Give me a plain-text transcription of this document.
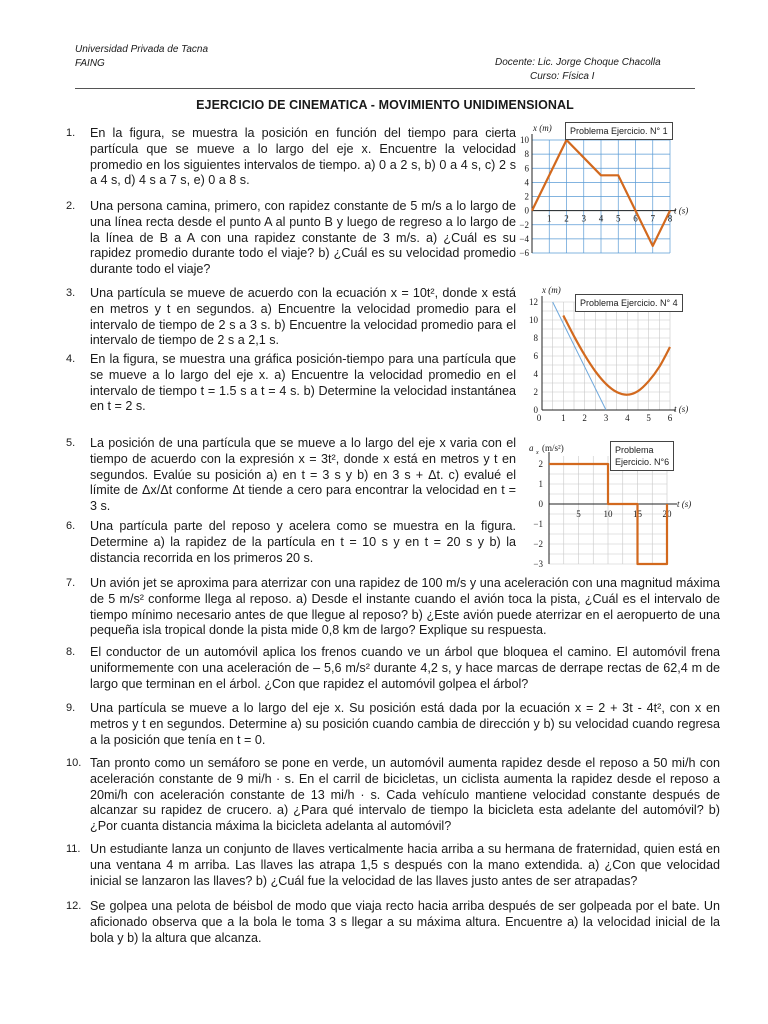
Universidad Privada de Tacna
FAING	Docente: Lic. Jorge Choque Chacolla
Curso: Física I
EJERCICIO DE CINEMATICA - MOVIMIENTO UNIDIMENSIONAL
1.	En la figura, se muestra la posición en función del tiempo para cierta partícula que se mueve a lo largo del eje x. Encuentre la velocidad promedio en los siguientes intervalos de tiempo. a) 0 a 2 s, b) 0 a 4 s, c) 2 s a 4 s, d) 4 s a 7 s, e) 0 a 8 s.
2.	Una persona camina, primero, con rapidez constante de 5 m/s a lo largo de una línea recta desde el punto A al punto B y luego de regreso a lo largo de la línea de B a A con una rapidez constante de 3 m/s. a) ¿Cuál es su rapidez promedio durante todo el viaje? b) ¿Cuál es su velocidad promedio durante todo el viaje?
3.	Una partícula se mueve de acuerdo con la ecuación x = 10t², donde x está en metros y t en segundos. a) Encuentre la velocidad promedio para el intervalo de tiempo de 2 s a 3 s. b) Encuentre la velocidad promedio para el intervalo de tiempo de 2 s a 2,1 s.
4.	En la figura, se muestra una gráfica posición-tiempo para una partícula que se mueve a lo largo del eje x. a) Encuentre la velocidad promedio en el intervalo de tiempo t = 1.5 s a t = 4 s. b) Determine la velocidad instantánea en t = 2 s.
5.	La posición de una partícula que se mueve a lo largo del eje x varia con el tiempo de acuerdo con la expresión x = 3t², donde x está en metros y t en segundos. Evalúe su posición a) en t = 3 s y b) en 3 s + Δt. c) evalué el límite de Δx/Δt conforme Δt tiende a cero para encontrar la velocidad en t = 3 s.
6.	Una partícula parte del reposo y acelera como se muestra en la figura. Determine a) la rapidez de la partícula en t = 10 s y en t = 20 s y b) la distancia recorrida en los primeros 20 s.
7.	Un avión jet se aproxima para aterrizar con una rapidez de 100 m/s y una aceleración con una magnitud máxima de 5 m/s² conforme llega al reposo. a) Desde el instante cuando el avión toca la pista, ¿Cuál es el intervalo de tiempo mínimo necesario antes de que llegue al reposo? b) ¿Este avión puede aterrizar en el aeropuerto de una pequeña isla tropical donde la pista mide 0,8 km de largo? Explique su respuesta.
8.	El conductor de un automóvil aplica los frenos cuando ve un árbol que bloquea el camino. El automóvil frena uniformemente con una aceleración de – 5,6 m/s² durante 4,2 s, y hace marcas de derrape rectas de 62,4 m de largo que terminan en el árbol. ¿Con que rapidez el automóvil golpea el árbol?
9.	Una partícula se mueve a lo largo del eje x. Su posición está dada por la ecuación x = 2 + 3t - 4t², con x en metros y t en segundos. Determine a) su posición cuando cambia de dirección y b) su velocidad cuando regresa a la posición que tenía en t = 0.
10. Tan pronto como un semáforo se pone en verde, un automóvil aumenta rapidez desde el reposo a 50 mi/h con aceleración constante de 9 mi/h · s. En el carril de bicicletas, un ciclista aumenta la rapidez desde el reposo a 20mi/h con aceleración constante de 13 mi/h · s. Cada vehículo mantiene velocidad constante después de alcanzar su rapidez de crucero. a) ¿Para qué intervalo de tiempo la bicicleta esta adelante del automóvil? b) ¿Por cuanta distancia máxima la bicicleta adelanta al automóvil?
11. Un estudiante lanza un conjunto de llaves verticalmente hacia arriba a su hermana de fraternidad, quien está en una ventana 4 m arriba. Las llaves las atrapa 1,5 s después con la mano extendida. a) ¿Con que velocidad inicial se lanzaron las llaves? b) ¿Cuál fue la velocidad de las llaves justo antes de ser atrapadas?
12. Se golpea una pelota de béisbol de modo que viaja recto hacia arriba después de ser golpeada por el bate. Un aficionado observa que a la bola le toma 3 s llegar a su máxima altura. Encuentre a) la velocidad inicial de la bola y b) la altura que alcanza.
10
8
6
4
2
0
−2
−4
−6
1 2 3 4 5 6 7 8
x (m)
t (s)
Problema Ejercicio. N° 1
12
10
8
6
4
2
0
1 2 3 4 5 6
0
x (m)
t (s)
Problema Ejercicio. N° 4
2
1
0
−1
−2
−3
5	10 15 20
a x (m/s²)
t (s)
Problema
Ejercicio. N°6
